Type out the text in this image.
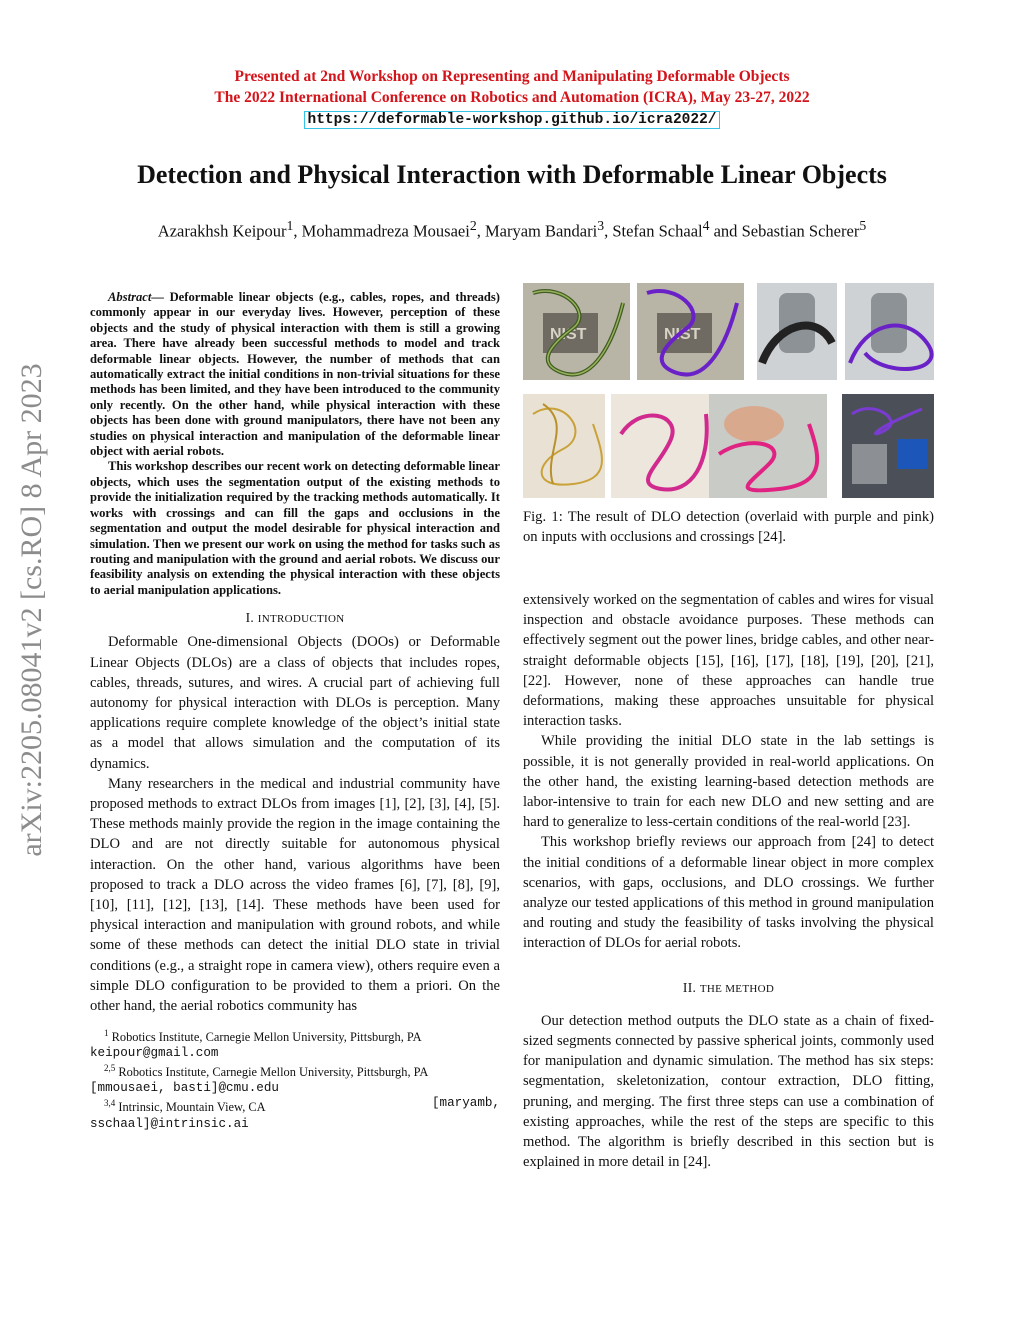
Presented at 2nd Workshop on Representing and Manipulating Deformable Objects
The 2022 International Conference on Robotics and Automation (ICRA), May 23-27, 2022
https://deformable-workshop.github.io/icra2022/
Detection and Physical Interaction with Deformable Linear Objects
Azarakhsh Keipour$^1$, Mohammadreza Mousaei$^2$, Maryam Bandari$^3$, Stefan Schaal$^4$ and Sebastian Scherer$^5$
arXiv:2205.08041v2 [cs.RO] 8 Apr 2023

Abstract— Deformable linear objects (e.g., cables, ropes, and threads) commonly appear in our everyday lives. However, perception of these objects and the study of physical interaction with them is still a growing area. There have already been successful methods to model and track deformable linear objects. However, the number of methods that can automatically extract the initial conditions in non-trivial situations for these methods has been limited, and they have been introduced to the community only recently. On the other hand, while physical interaction with these objects has been done with ground manipulators, there have not been any studies on physical interaction and manipulation of the deformable linear object with aerial robots.

This workshop describes our recent work on detecting deformable linear objects, which uses the segmentation output of the existing methods to provide the initialization required by the tracking methods automatically. It works with crossings and can fill the gaps and occlusions in the segmentation and output the model desirable for physical interaction and simulation. Then we present our work on using the method for tasks such as routing and manipulation with the ground and aerial robots. We discuss our feasibility analysis on extending the physical interaction with these objects to aerial manipulation applications.

I. INTRODUCTION

Deformable One-dimensional Objects (DOOs) or Deformable Linear Objects (DLOs) are a class of objects that includes ropes, cables, threads, sutures, and wires. A crucial part of achieving full autonomy for physical interaction with DLOs is perception. Many applications require complete knowledge of the object’s initial state as a model that allows simulation and the computation of its dynamics.

Many researchers in the medical and industrial community have proposed methods to extract DLOs from images [1], [2], [3], [4], [5]. These methods mainly provide the region in the image containing the DLO and are not directly suitable for autonomous physical interaction. On the other hand, various algorithms have been proposed to track a DLO across the video frames [6], [7], [8], [9], [10], [11], [12], [13], [14]. These methods have been used for physical interaction and manipulation with ground robots, and while some of these methods can detect the initial DLO state in trivial conditions (e.g., a straight rope in camera view), others require even a simple DLO configuration to be provided to them a priori. On the other hand, the aerial robotics community has

$^1$ Robotics Institute, Carnegie Mellon University, Pittsburgh, PA
keipour@gmail.com
$^{2,5}$ Robotics Institute, Carnegie Mellon University, Pittsburgh, PA
[mmousaei, basti]@cmu.edu
$^{3,4}$ Intrinsic, Mountain View, CA	[maryamb,
sschaal]@intrinsic.ai
NIST	NIST
Fig. 1: The result of DLO detection (overlaid with purple and pink) on inputs with occlusions and crossings [24].

extensively worked on the segmentation of cables and wires for visual inspection and obstacle avoidance purposes. These methods can effectively segment out the power lines, bridge cables, and other near-straight deformable objects [15], [16], [17], [18], [19], [20], [21], [22]. However, none of these approaches can handle true deformations, making these approaches unsuitable for physical interaction tasks.

While providing the initial DLO state in the lab settings is possible, it is not generally provided in real-world applications. On the other hand, the existing learning-based detection methods are labor-intensive to train for each new DLO and new setting and are hard to generalize to less-certain conditions of the real-world [23].

This workshop briefly reviews our approach from [24] to detect the initial conditions of a deformable linear object in more complex scenarios, with gaps, occlusions, and DLO crossings. We further analyze our tested applications of this method in ground manipulation and routing and study the feasibility of tasks involving the physical interaction of DLOs for aerial robots.

II. THE METHOD

Our detection method outputs the DLO state as a chain of fixed-sized segments connected by passive spherical joints, commonly used for manipulation and dynamic simulation. The method has six steps: segmentation, skeletonization, contour extraction, DLO fitting, pruning, and merging. The first three steps can use a combination of existing approaches, while the rest of the steps are specific to this method. The algorithm is briefly described in this section but is explained in more detail in [24].
